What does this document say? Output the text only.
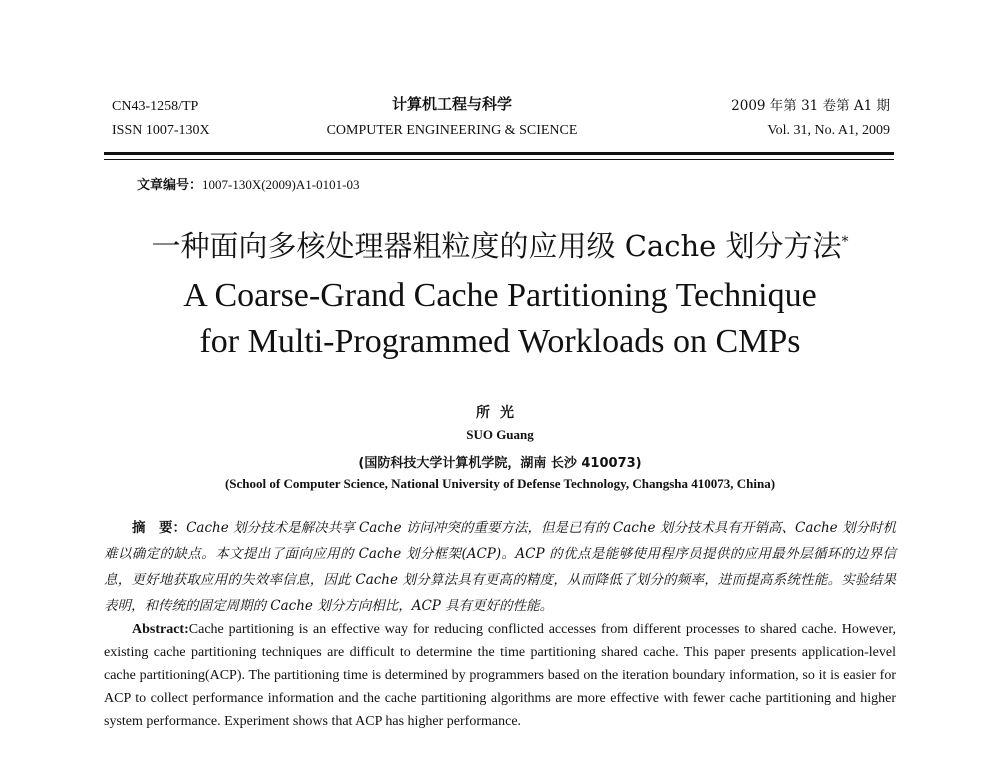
CN43-1258/TP
ISSN 1007-130X
计算机工程与科学
COMPUTER ENGINEERING & SCIENCE
2009 年第 31 卷第 A1 期
Vol. 31, No. A1, 2009
文章编号：1007-130X(2009)A1-0101-03
一种面向多核处理器粗粒度的应用级 Cache 划分方法*
A Coarse-Grand Cache Partitioning Technique
for Multi-Programmed Workloads on CMPs
所光
SUO Guang
(国防科技大学计算机学院，湖南 长沙 410073)
(School of Computer Science, National University of Defense Technology, Changsha 410073, China)
摘　要：Cache 划分技术是解决共享 Cache 访问冲突的重要方法，但是已有的 Cache 划分技术具有开销高、Cache 划分时机难以确定的缺点。本文提出了面向应用的 Cache 划分框架(ACP)。ACP 的优点是能够使用程序员提供的应用最外层循环的边界信息，更好地获取应用的失效率信息，因此 Cache 划分算法具有更高的精度，从而降低了划分的频率，进而提高系统性能。实验结果表明，和传统的固定周期的 Cache 划分方向相比，ACP 具有更好的性能。
Abstract:Cache partitioning is an effective way for reducing conflicted accesses from different processes to shared cache. However, existing cache partitioning techniques are difficult to determine the time partitioning shared cache. This paper presents application-level cache partitioning(ACP). The partitioning time is determined by programmers based on the iteration boundary information, so it is easier for ACP to collect performance information and the cache partitioning algorithms are more effective with fewer cache partitioning and higher system performance. Experiment shows that ACP has higher performance.
